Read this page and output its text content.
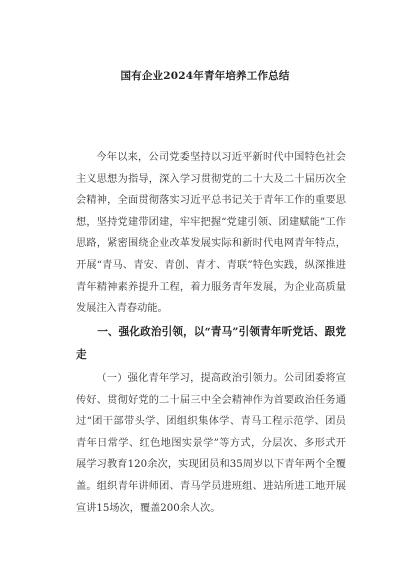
国有企业2024年青年培养工作总结

今年以来，公司党委坚持以习近平新时代中国特色社会主义思想为指导，深入学习贯彻党的二十大及二十届历次全会精神，全面贯彻落实习近平总书记关于青年工作的重要思想，坚持党建带团建，牢牢把握“党建引领、团建赋能”工作思路，紧密围绕企业改革发展实际和新时代电网青年特点，开展“青马、青安、青创、青才、青联”特色实践，纵深推进青年精神素养提升工程，着力服务青年发展，为企业高质量发展注入青春动能。

一、强化政治引领，以“青马”引领青年听党话、跟党走

（一）强化青年学习，提高政治引领力。公司团委将宣传好、贯彻好党的二十届三中全会精神作为首要政治任务通过“团干部带头学、团组织集体学、青马工程示范学、团员青年日常学、红色地图实景学”等方式，分层次、多形式开展学习教育120余次，实现团员和35周岁以下青年两个全覆盖。组织青年讲师团、青马学员进班组、进站所进工地开展宣讲15场次，覆盖200余人次。
